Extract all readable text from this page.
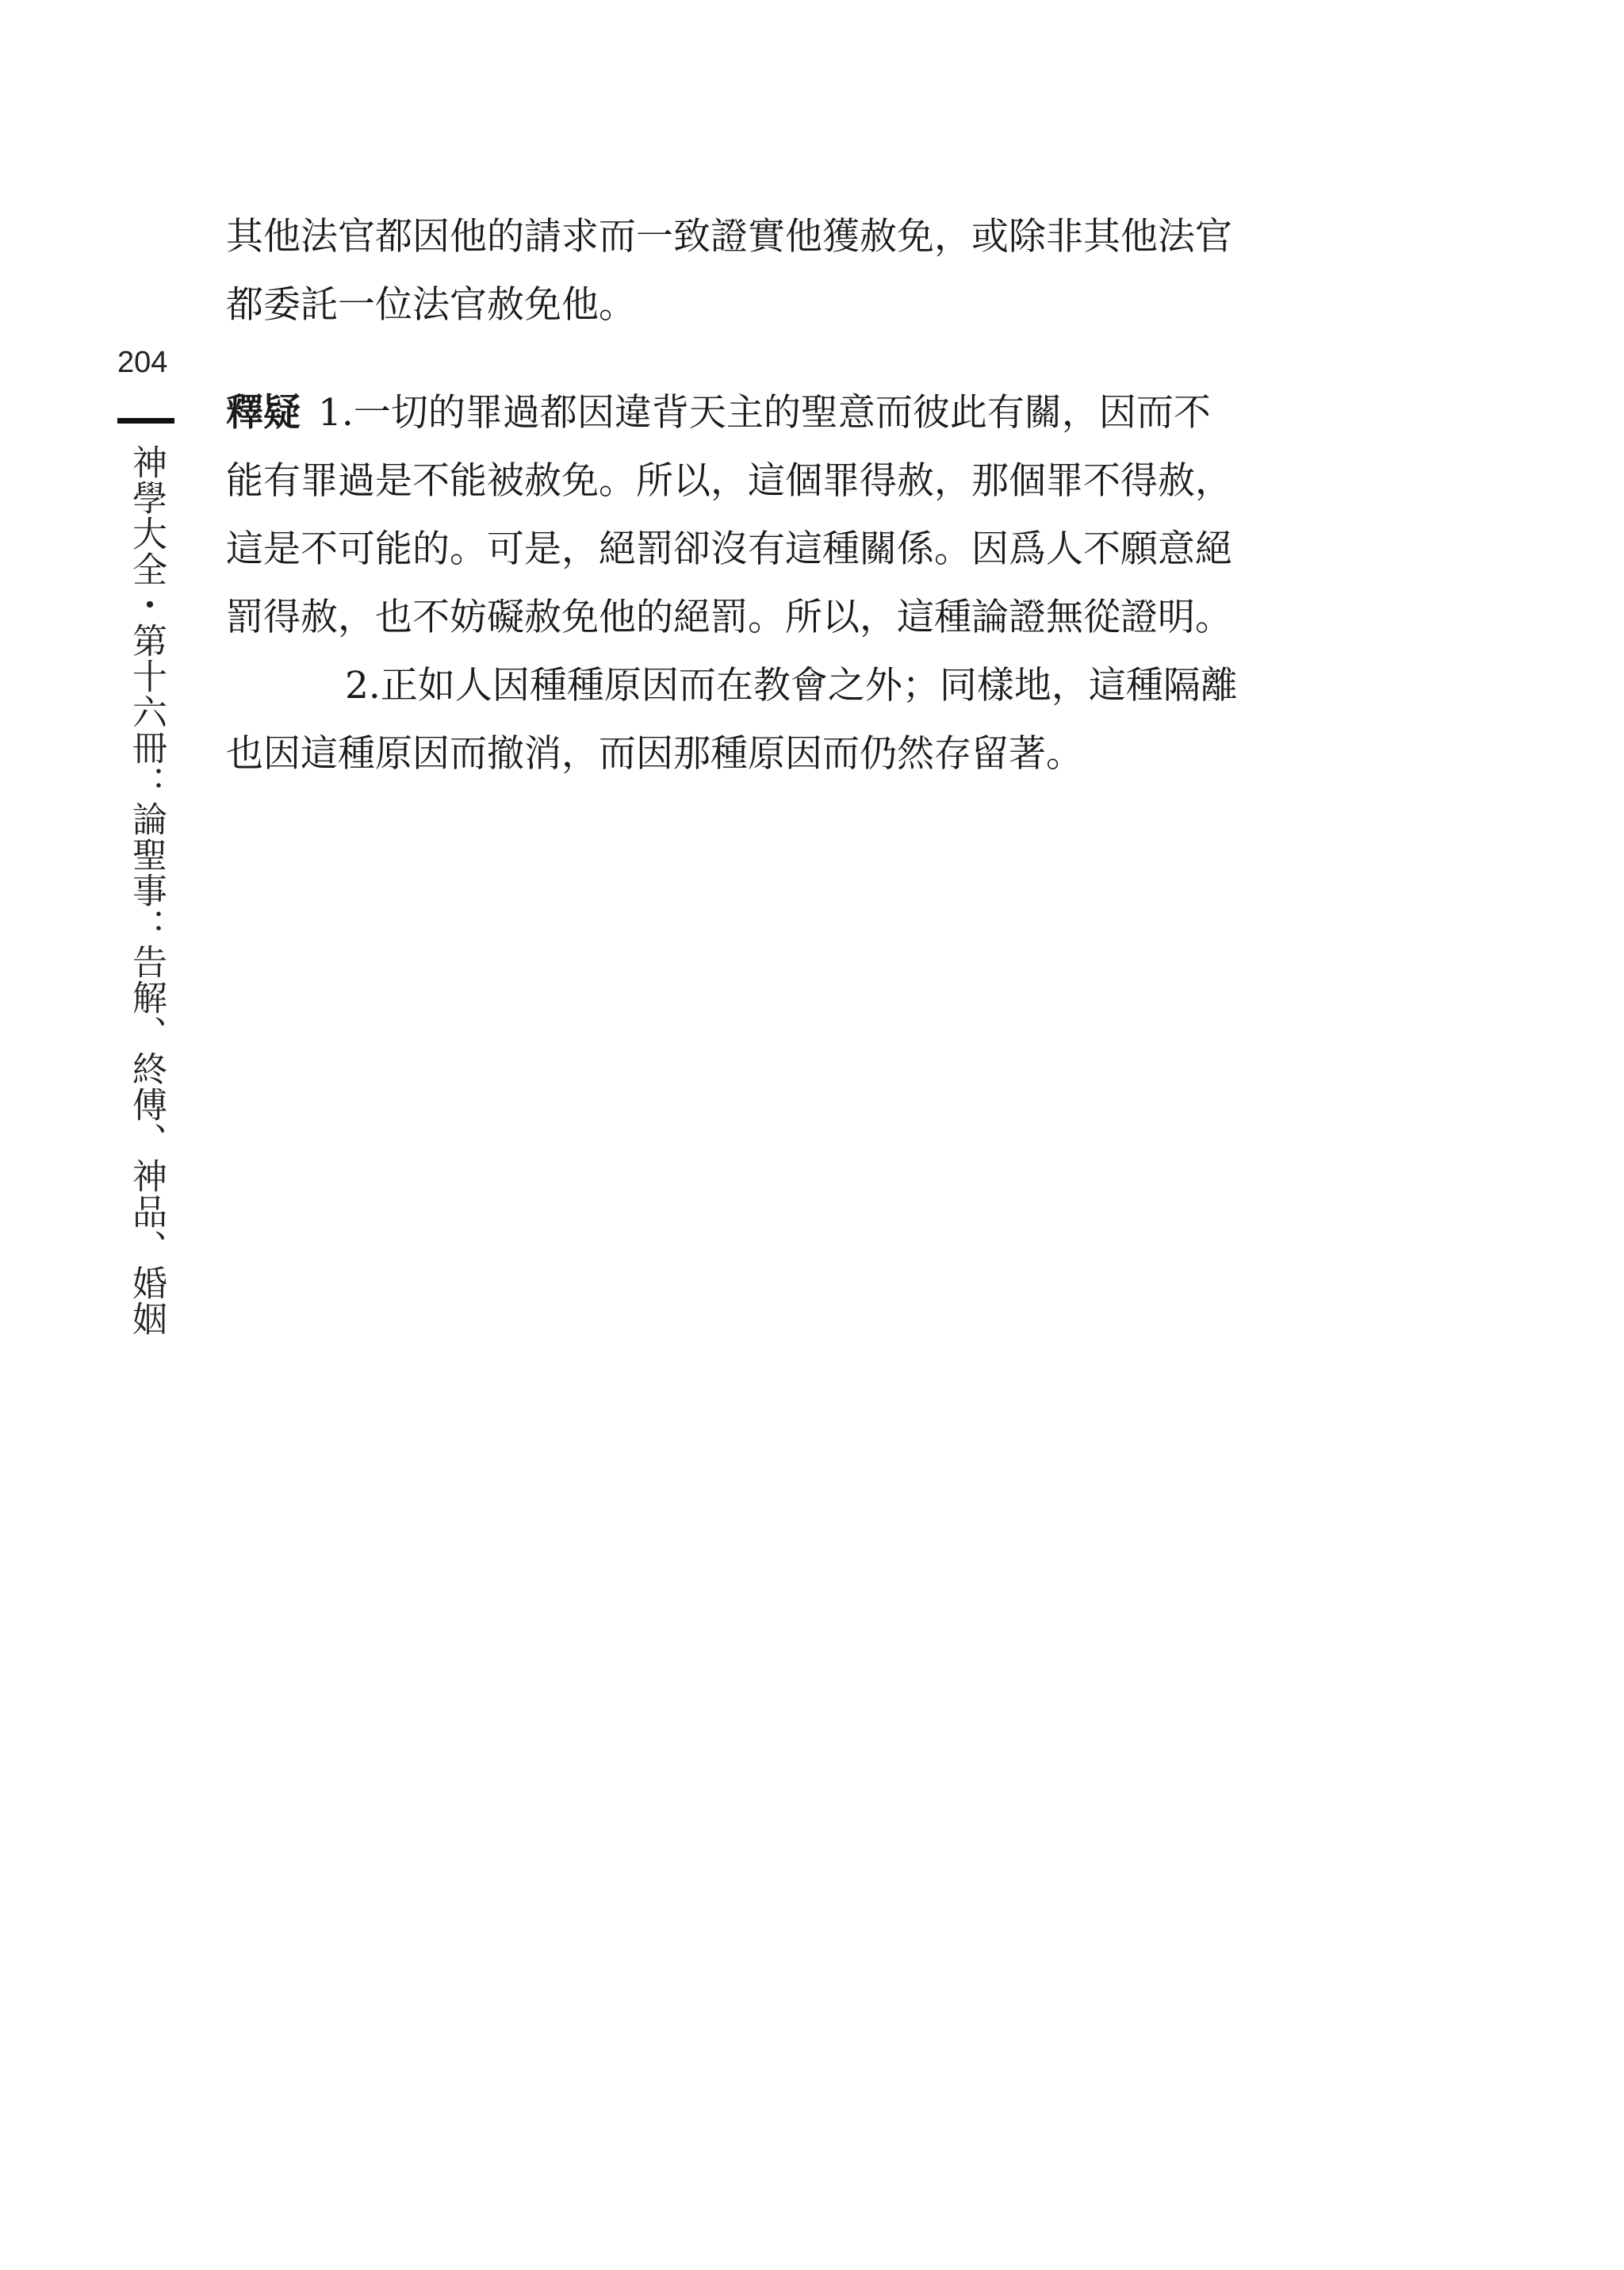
204
神學大全・第十六冊：論聖事：告解、終傅、神品、婚姻

其他法官都因他的請求而一致證實他獲赦免，或除非其他法官

都委託一位法官赦免他。

釋疑 1.一切的罪過都因違背天主的聖意而彼此有關，因而不

能有罪過是不能被赦免。所以，這個罪得赦，那個罪不得赦，

這是不可能的。可是，絕罰卻沒有這種關係。因爲人不願意絕

罰得赦，也不妨礙赦免他的絕罰。所以，這種論證無從證明。

2.正如人因種種原因而在教會之外；同樣地，這種隔離

也因這種原因而撤消，而因那種原因而仍然存留著。
